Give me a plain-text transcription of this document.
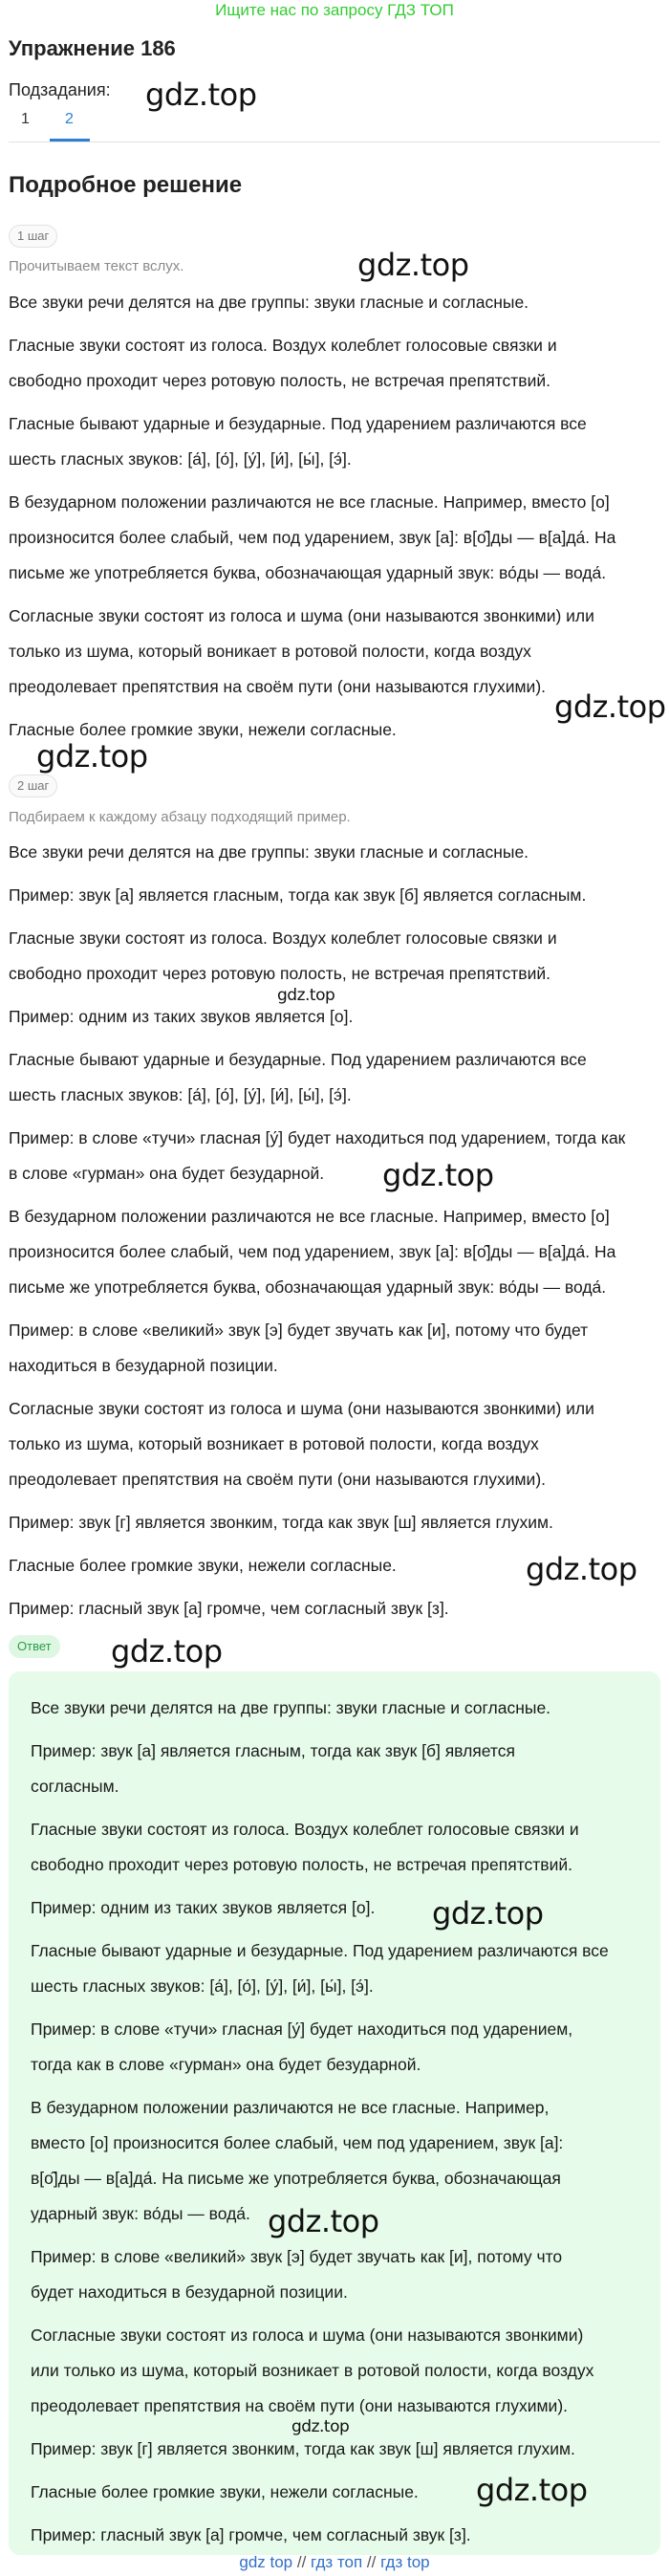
Ищите нас по запросу ГДЗ ТОП
Упражнение 186
Подзадания:
1 2
gdz.top
Подробное решение
1 шаг
Прочитываем текст вслух.	gdz.top
Все звуки речи делятся на две группы: звуки гласные и согласные.
Гласные звуки состоят из голоса. Воздух колеблет голосовые связки и
свободно проходит через ротовую полость, не встречая препятствий.
Гласные бывают ударные и безударные. Под ударением различаются все
шесть гласных звуков: [а́], [о́], [у́], [и́], [ы́], [э́].
В безударном положении различаются не все гласные. Например, вместо [о]
произносится более слабый, чем под ударением, звук [а]: в[о̂]ды — в[а]да́. На
письме же употребляется буква, обозначающая ударный звук: во́ды — вода́.
Согласные звуки состоят из голоса и шума (они называются звонкими) или
только из шума, который воникает в ротовой полости, когда воздух
преодолевает препятствия на своём пути (они называются глухими).
Гласные более громкие звуки, нежели согласные.
gdz.top
gdz.top
2 шаг
Подбираем к каждому абзацу подходящий пример.
Все звуки речи делятся на две группы: звуки гласные и согласные.
Пример: звук [а] является гласным, тогда как звук [б] является согласным.
Гласные звуки состоят из голоса. Воздух колеблет голосовые связки и
свободно проходит через ротовую полость, не встречая препятствий.
gdz.top
Пример: одним из таких звуков является [о].
Гласные бывают ударные и безударные. Под ударением различаются все
шесть гласных звуков: [а́], [о́], [у́], [и́], [ы́], [э́].
Пример: в слове «тучи» гласная [у́] будет находиться под ударением, тогда как
в слове «гурман» она будет безударной.	gdz.top
В безударном положении различаются не все гласные. Например, вместо [о]
произносится более слабый, чем под ударением, звук [а]: в[о̂]ды — в[а]да́. На
письме же употребляется буква, обозначающая ударный звук: во́ды — вода́.
Пример: в слове «великий» звук [э] будет звучать как [и], потому что будет
находиться в безударной позиции.
Согласные звуки состоят из голоса и шума (они называются звонкими) или
только из шума, который возникает в ротовой полости, когда воздух
преодолевает препятствия на своём пути (они называются глухими).
Пример: звук [г] является звонким, тогда как звук [ш] является глухим.
Гласные более громкие звуки, нежели согласные.	gdz.top
Пример: гласный звук [а] громче, чем согласный звук [з].
Ответ gdz.top
Все звуки речи делятся на две группы: звуки гласные и согласные.
Пример: звук [а] является гласным, тогда как звук [б] является
согласным.
Гласные звуки состоят из голоса. Воздух колеблет голосовые связки и
свободно проходит через ротовую полость, не встречая препятствий.
Пример: одним из таких звуков является [о].	gdz.top
Гласные бывают ударные и безударные. Под ударением различаются все
шесть гласных звуков: [а́], [о́], [у́], [и́], [ы́], [э́].
Пример: в слове «тучи» гласная [у́] будет находиться под ударением,
тогда как в слове «гурман» она будет безударной.
В безударном положении различаются не все гласные. Например,
вместо [о] произносится более слабый, чем под ударением, звук [а]:
в[о̂]ды — в[а]да́. На письме же употребляется буква, обозначающая
ударный звук: во́ды — вода́. gdz.top
Пример: в слове «великий» звук [э] будет звучать как [и], потому что
будет находиться в безударной позиции.
Согласные звуки состоят из голоса и шума (они называются звонкими)
или только из шума, который возникает в ротовой полости, когда воздух
преодолевает препятствия на своём пути (они называются глухими).
gdz.top
Пример: звук [г] является звонким, тогда как звук [ш] является глухим.
Гласные более громкие звуки, нежели согласные.	gdz.top
Пример: гласный звук [а] громче, чем согласный звук [з].
gdz top // гдз топ // гдз top
